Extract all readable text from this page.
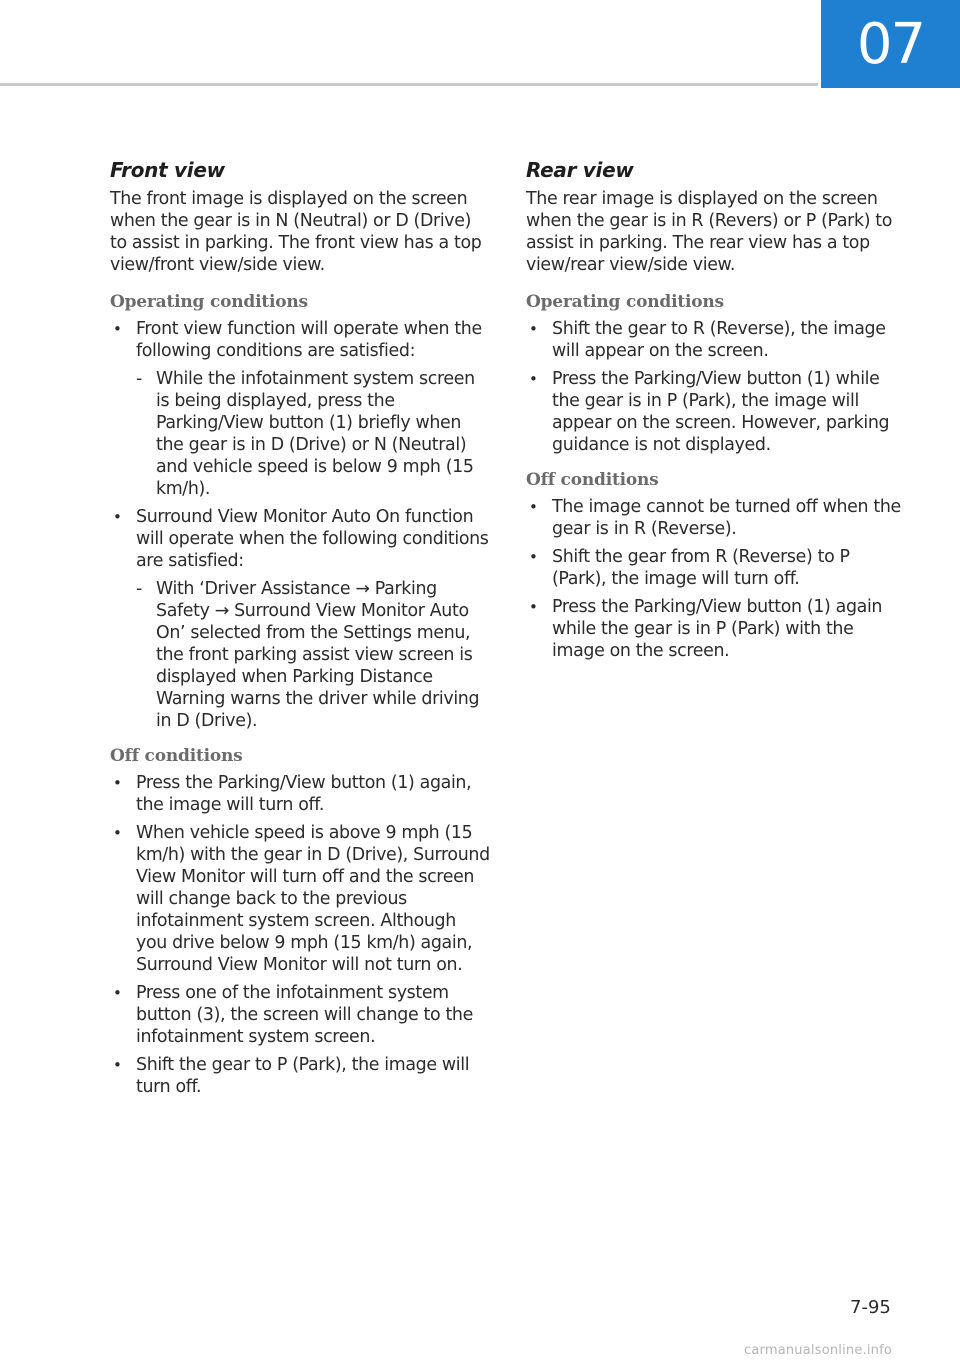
07
Front view

The front image is displayed on the screen when the gear is in N (Neutral) or D (Drive) to assist in parking. The front view has a top view/front view/side view.

Operating conditions
• Front view function will operate when the following conditions are satisfied:
- While the infotainment system screen is being displayed, press the Parking/View button (1) briefly when the gear is in D (Drive) or N (Neutral) and vehicle speed is below 9 mph (15 km/h).
• Surround View Monitor Auto On function will operate when the following conditions are satisfied:
- With ‘Driver Assistance → Parking Safety → Surround View Monitor Auto On’ selected from the Settings menu, the front parking assist view screen is displayed when Parking Distance Warning warns the driver while driving in D (Drive).
Off conditions
• Press the Parking/View button (1) again, the image will turn off.
• When vehicle speed is above 9 mph (15 km/h) with the gear in D (Drive), Surround View Monitor will turn off and the screen will change back to the previous infotainment system screen. Although you drive below 9 mph (15 km/h) again, Surround View Monitor will not turn on.
• Press one of the infotainment system button (3), the screen will change to the infotainment system screen.
• Shift the gear to P (Park), the image will turn off.
Rear view

The rear image is displayed on the screen when the gear is in R (Revers) or P (Park) to assist in parking. The rear view has a top view/rear view/side view.

Operating conditions
• Shift the gear to R (Reverse), the image will appear on the screen.
• Press the Parking/View button (1) while the gear is in P (Park), the image will appear on the screen. However, parking guidance is not displayed.
Off conditions
• The image cannot be turned off when the gear is in R (Reverse).
• Shift the gear from R (Reverse) to P (Park), the image will turn off.
• Press the Parking/View button (1) again while the gear is in P (Park) with the image on the screen.
7-95
carmanualsonline.info
